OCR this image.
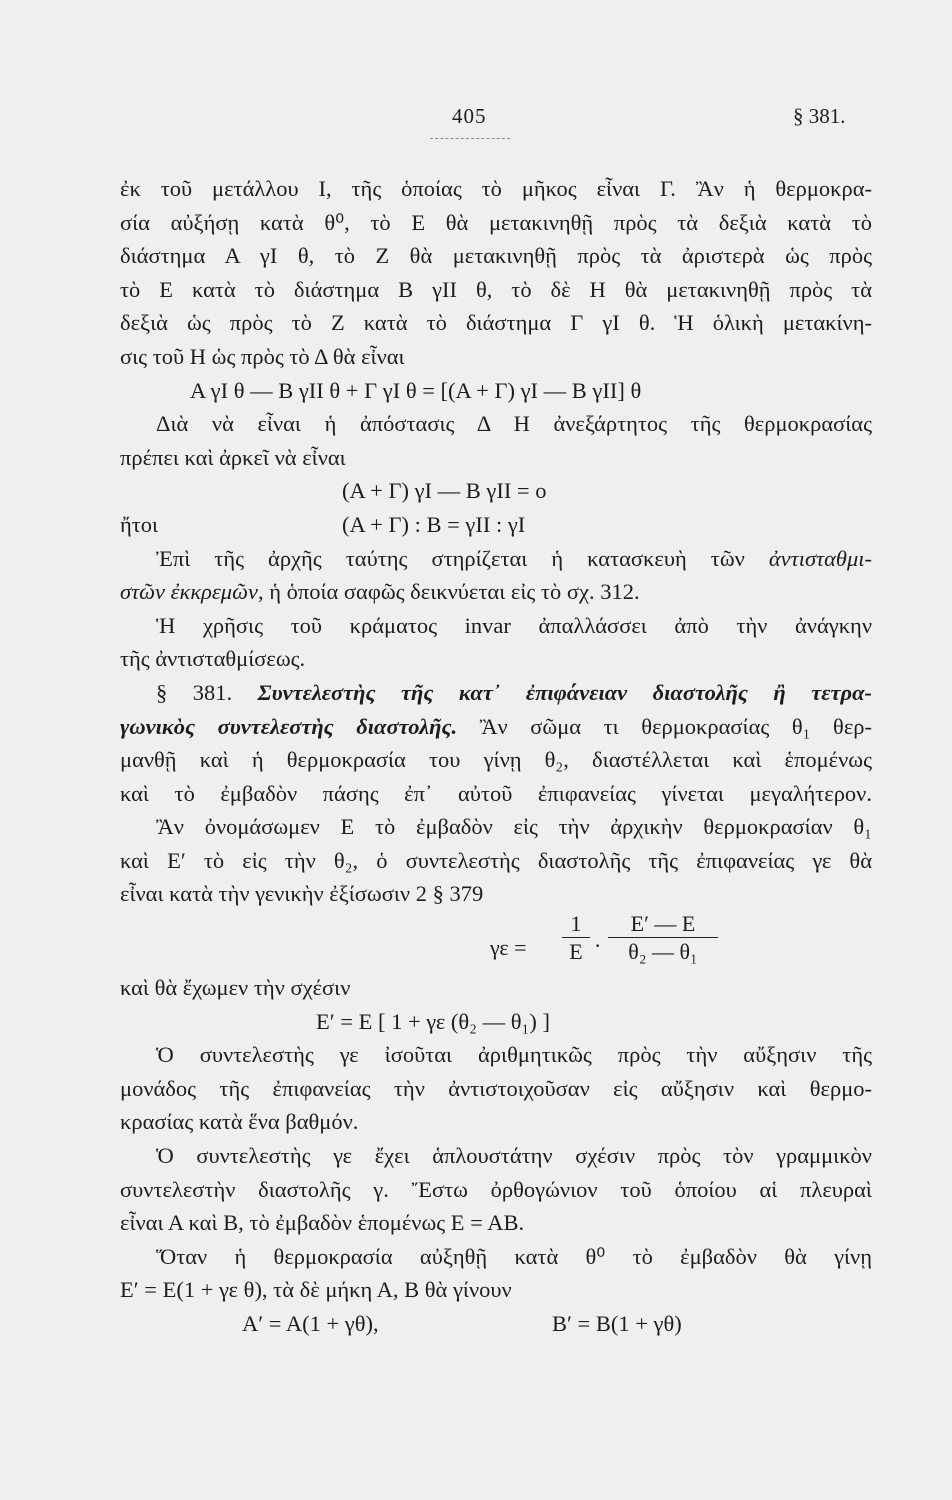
405	§ 381.
ἐκ τοῦ μετάλλου Ι, τῆς ὁποίας τὸ μῆκος εἶναι Γ. Ἂν ἡ θερμοκρα-
σία αὐξήσῃ κατὰ θ⁰, τὸ Ε θὰ μετακινηθῇ πρὸς τὰ δεξιὰ κατὰ τὸ
διάστημα Α γΙ θ, τὸ Ζ θὰ μετακινηθῇ πρὸς τὰ ἀριστερὰ ὡς πρὸς
τὸ Ε κατὰ τὸ διάστημα Β γΙΙ θ, τὸ δὲ Η θὰ μετακινηθῇ πρὸς τὰ
δεξιὰ ὡς πρὸς τὸ Ζ κατὰ τὸ διάστημα Γ γΙ θ. Ἡ ὁλικὴ μετακίνη-
σις τοῦ Η ὡς πρὸς τὸ Δ θὰ εἶναι
Α γΙ θ — Β γΙΙ θ + Γ γΙ θ = [(Α + Γ) γΙ — Β γΙΙ] θ
Διὰ νὰ εἶναι ἡ ἀπόστασις Δ Η ἀνεξάρτητος τῆς θερμοκρασίας
πρέπει καὶ ἀρκεῖ νὰ εἶναι
(Α + Γ) γΙ — Β γΙΙ = ο
ἤτοι	(Α + Γ) : Β = γΙΙ : γΙ
Ἐπὶ τῆς ἀρχῆς ταύτης στηρίζεται ἡ κατασκευὴ τῶν ἀντισταθμι-
στῶν ἐκκρεμῶν, ἡ ὁποία σαφῶς δεικνύεται εἰς τὸ σχ. 312.
Ἡ χρῆσις τοῦ κράματος invar ἀπαλλάσσει ἀπὸ τὴν ἀνάγκην
τῆς ἀντισταθμίσεως.
§ 381. Συντελεστὴς τῆς κατ᾽ ἐπιφάνειαν διαστολῆς ἢ τετρα-
γωνικὸς συντελεστὴς διαστολῆς. Ἂν σῶμα τι θερμοκρασίας θ₁ θερ-
μανθῇ καὶ ἡ θερμοκρασία του γίνῃ θ₂, διαστέλλεται καὶ ἑπομένως
καὶ τὸ ἐμβαδὸν πάσης ἐπ᾽ αὐτοῦ ἐπιφανείας γίνεται μεγαλήτερον.
Ἂν ὀνομάσωμεν Ε τὸ ἐμβαδὸν εἰς τὴν ἀρχικὴν θερμοκρασίαν θ₁
καὶ Ε′ τὸ εἰς τὴν θ₂, ὁ συντελεστὴς διαστολῆς τῆς ἐπιφανείας γε θὰ
εἶναι κατὰ τὴν γενικὴν ἐξίσωσιν 2 § 379
$\gamma\varepsilon = \frac{1}{E} \cdot \frac{E' — E}{\text{θ₂ — θ₁}}$
καὶ θὰ ἔχωμεν τὴν σχέσιν
Ε′ = Ε [ 1 + γε (θ₂ — θ₁) ]
Ὁ συντελεστὴς γε ἰσοῦται ἀριθμητικῶς πρὸς τὴν αὔξησιν τῆς
μονάδος τῆς ἐπιφανείας τὴν ἀντιστοιχοῦσαν εἰς αὔξησιν καὶ θερμο-
κρασίας κατὰ ἕνα βαθμόν.
Ὁ συντελεστὴς γε ἔχει ἁπλουστάτην σχέσιν πρὸς τὸν γραμμικὸν
συντελεστὴν διαστολῆς γ. Ἔστω ὀρθογώνιον τοῦ ὁποίου αἱ πλευραὶ
εἶναι Α καὶ Β, τὸ ἐμβαδὸν ἑπομένως Ε = ΑΒ.
Ὅταν ἡ θερμοκρασία αὐξηθῇ κατὰ θ⁰ τὸ ἐμβαδὸν θὰ γίνῃ
Ε′ = Ε(1 + γε θ), τὰ δὲ μήκη Α, Β θὰ γίνουν
Α′ = Α(1 + γθ),	Β′ = Β(1 + γθ)
